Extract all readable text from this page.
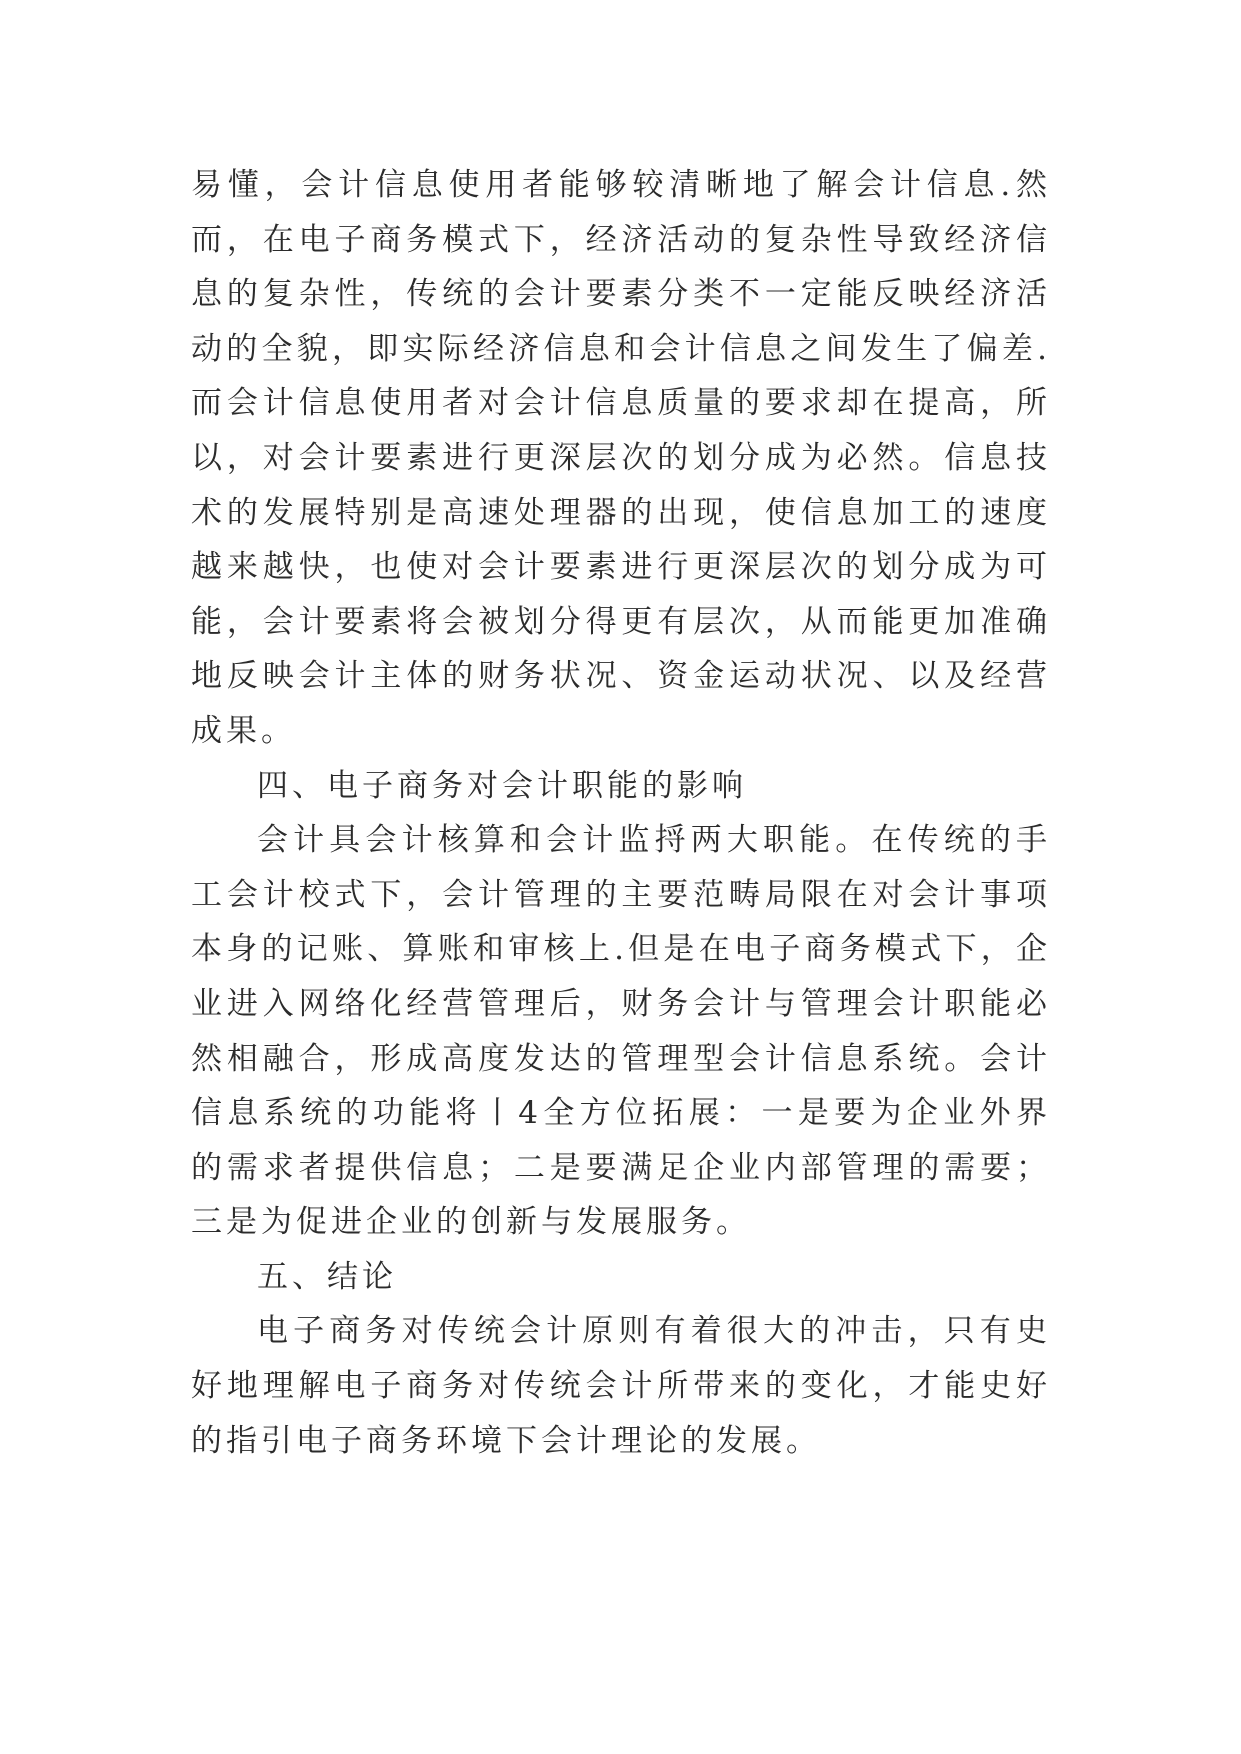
易懂，会计信息使用者能够较清晰地了解会计信息.然而，在电子商务模式下，经济活动的复杂性导致经济信息的复杂性，传统的会计要素分类不一定能反映经济活动的全貌，即实际经济信息和会计信息之间发生了偏差.而会计信息使用者对会计信息质量的要求却在提高，所以，对会计要素进行更深层次的划分成为必然。信息技术的发展特别是高速处理器的出现，使信息加工的速度越来越快，也使对会计要素进行更深层次的划分成为可能，会计要素将会被划分得更有层次，从而能更加准确地反映会计主体的财务状况、资金运动状况、以及经营成果。

四、电子商务对会计职能的影响

会计具会计核算和会计监捋两大职能。在传统的手工会计校式下，会计管理的主要范畴局限在对会计事项本身的记账、算账和审核上.但是在电子商务模式下，企业进入网络化经营管理后，财务会计与管理会计职能必然相融合，形成高度发达的管理型会计信息系统。会计信息系统的功能将丨4全方位拓展：一是要为企业外界的需求者提供信息；二是要满足企业内部管理的需要；三是为促进企业的创新与发展服务。

五、结论

电子商务对传统会计原则有着很大的冲击，只有史好地理解电子商务对传统会计所带来的变化，才能史好的指引电子商务环境下会计理论的发展。
